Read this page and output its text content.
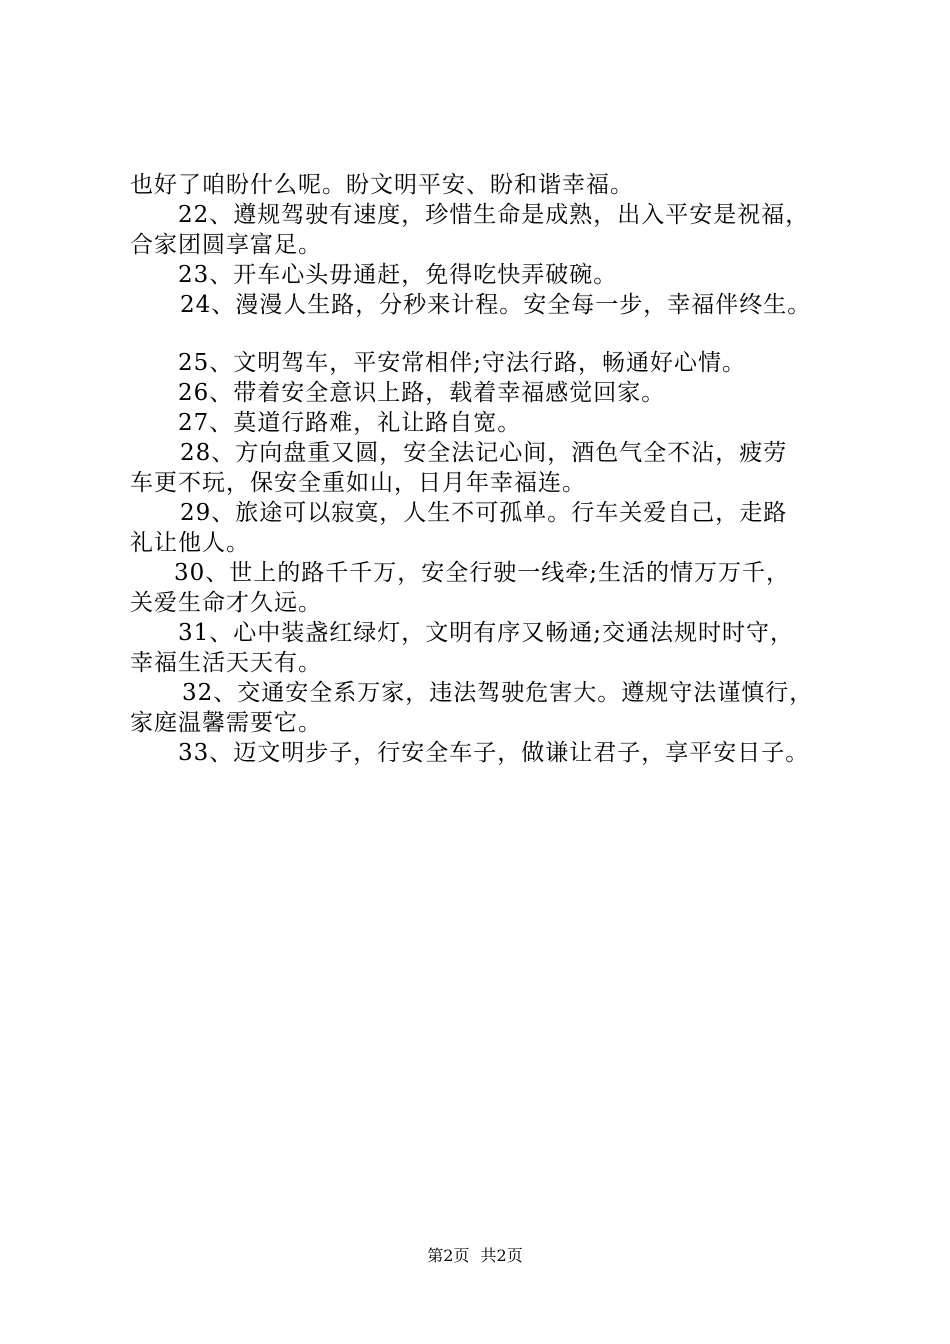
也好了咱盼什么呢。盼文明平安、盼和谐幸福。
22、遵规驾驶有速度，珍惜生命是成熟，出入平安是祝福，
合家团圆享富足。
23、开车心头毋通赶，免得吃快弄破碗。
24、漫漫人生路，分秒来计程。安全每一步，幸福伴终生。
25、文明驾车，平安常相伴;守法行路，畅通好心情。
26、带着安全意识上路，载着幸福感觉回家。
27、莫道行路难，礼让路自宽。
28、方向盘重又圆，安全法记心间，酒色气全不沾，疲劳
车更不玩，保安全重如山，日月年幸福连。
29、旅途可以寂寞，人生不可孤单。行车关爱自己，走路
礼让他人。
30、世上的路千千万，安全行驶一线牵;生活的情万万千，
关爱生命才久远。
31、心中装盏红绿灯，文明有序又畅通;交通法规时时守，
幸福生活天天有。
32、交通安全系万家，违法驾驶危害大。遵规守法谨慎行，
家庭温馨需要它。
33、迈文明步子，行安全车子，做谦让君子，享平安日子。
第2页 共2页
